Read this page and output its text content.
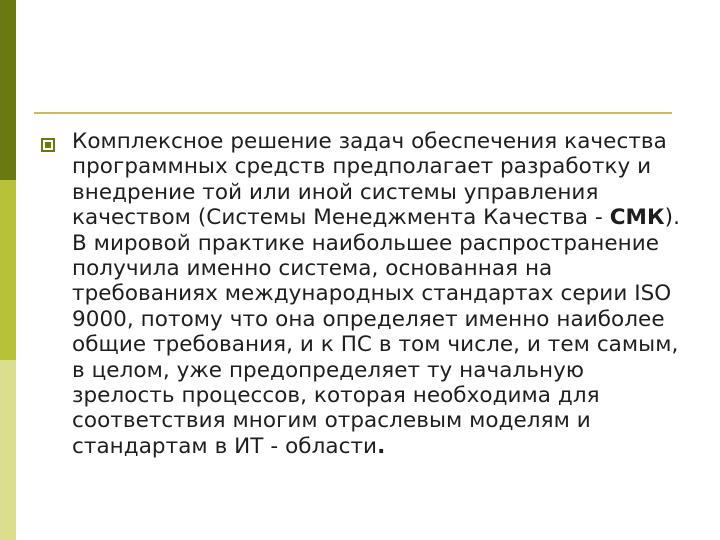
Комплексное решение задач обеспечения качества программных средств предполагает разработку и внедрение той или иной системы управления качеством (Системы Менеджмента Качества - СМК). В мировой практике наибольшее распространение получила именно система, основанная на требованиях международных стандартах серии ISO 9000, потому что она определяет именно наиболее общие требования, и к ПС в том числе, и тем самым, в целом, уже предопределяет ту начальную зрелость процессов, которая необходима для соответствия многим отраслевым моделям и стандартам в ИТ - области.
